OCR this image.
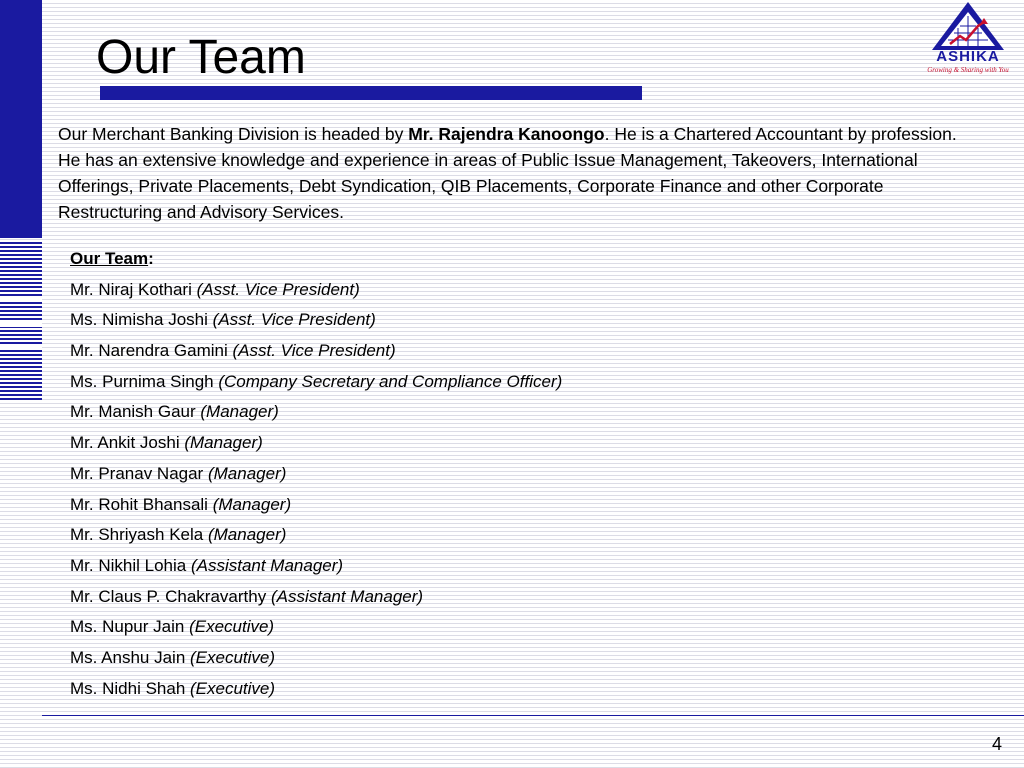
Our Team	ASHIKA
Growing & Sharing with You

Our Merchant Banking Division is headed by Mr. Rajendra Kanoongo. He is a Chartered Accountant by profession. He has an extensive knowledge and experience in areas of Public Issue Management, Takeovers, International Offerings, Private Placements, Debt Syndication, QIB Placements, Corporate Finance and other Corporate Restructuring and Advisory Services.

Our Team:
Mr. Niraj Kothari (Asst. Vice President)
Ms. Nimisha Joshi (Asst. Vice President)
Mr. Narendra Gamini (Asst. Vice President)
Ms. Purnima Singh (Company Secretary and Compliance Officer)
Mr. Manish Gaur (Manager)
Mr. Ankit Joshi (Manager)
Mr. Pranav Nagar (Manager)
Mr. Rohit Bhansali (Manager)
Mr. Shriyash Kela (Manager)
Mr. Nikhil Lohia (Assistant Manager)
Mr. Claus P. Chakravarthy (Assistant Manager)
Ms. Nupur Jain (Executive)
Ms. Anshu Jain (Executive)
Ms. Nidhi Shah (Executive)
4
